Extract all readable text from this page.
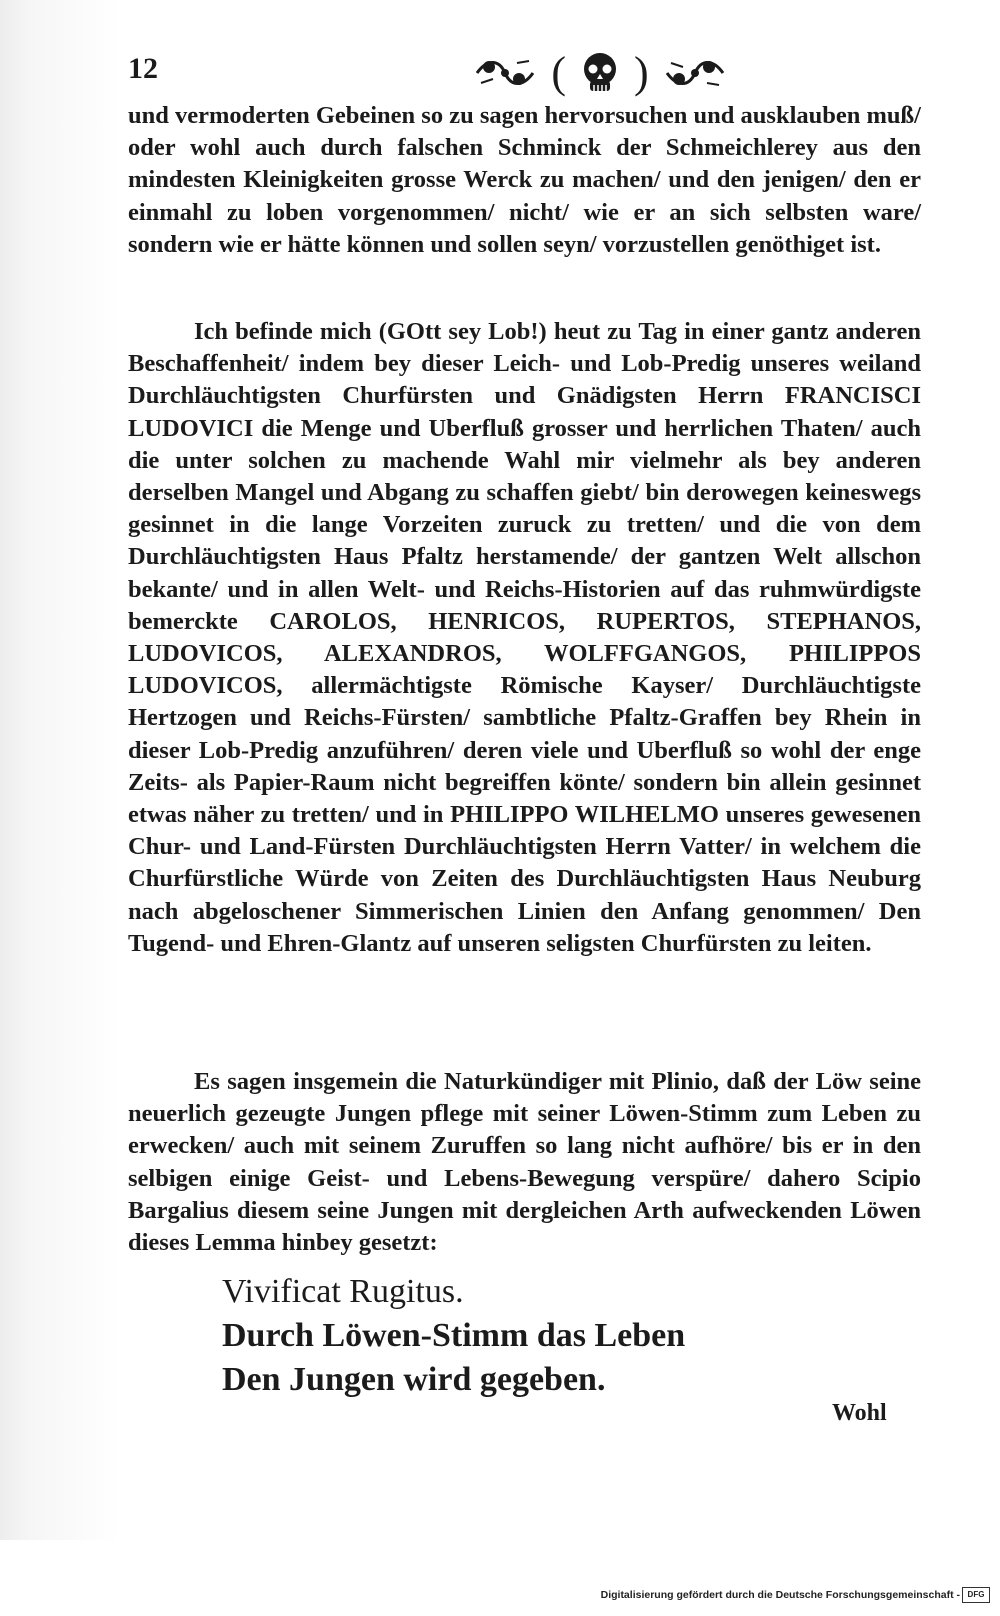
12	( )

und vermoderten Gebeinen so zu sagen hervorsuchen und ausklauben muß/ oder wohl auch durch falschen Schminck der Schmeichlerey aus den mindesten Kleinigkeiten grosse Werck zu machen/ und den jenigen/ den er einmahl zu loben vorgenommen/ nicht/ wie er an sich selbsten ware/ sondern wie er hätte können und sollen seyn/ vorzustellen genöthiget ist.

Ich befinde mich (GOtt sey Lob!) heut zu Tag in einer gantz anderen Beschaffenheit/ indem bey dieser Leich- und Lob-Predig unseres weiland Durchläuchtigsten Churfürsten und Gnädigsten Herrn FRANCISCI LUDOVICI die Menge und Uberfluß grosser und herrlichen Thaten/ auch die unter solchen zu machende Wahl mir vielmehr als bey anderen derselben Mangel und Abgang zu schaffen giebt/ bin derowegen keineswegs gesinnet in die lange Vorzeiten zuruck zu tretten/ und die von dem Durchläuchtigsten Haus Pfaltz herstamende/ der gantzen Welt allschon bekante/ und in allen Welt- und Reichs-Historien auf das ruhmwürdigste bemerckte CAROLOS, HENRICOS, RUPERTOS, STEPHANOS, LUDOVICOS, ALEXANDROS, WOLFFGANGOS, PHILIPPOS LUDOVICOS, allermächtigste Römische Kayser/ Durchläuchtigste Hertzogen und Reichs-Fürsten/ sambtliche Pfaltz-Graffen bey Rhein in dieser Lob-Predig anzuführen/ deren viele und Uberfluß so wohl der enge Zeits- als Papier-Raum nicht begreiffen könte/ sondern bin allein gesinnet etwas näher zu tretten/ und in PHILIPPO WILHELMO unseres gewesenen Chur- und Land-Fürsten Durchläuchtigsten Herrn Vatter/ in welchem die Churfürstliche Würde von Zeiten des Durchläuchtigsten Haus Neuburg nach abgeloschener Simmerischen Linien den Anfang genommen/ Den Tugend- und Ehren-Glantz auf unseren seligsten Churfürsten zu leiten.

Es sagen insgemein die Naturkündiger mit Plinio, daß der Löw seine neuerlich gezeugte Jungen pflege mit seiner Löwen-Stimm zum Leben zu erwecken/ auch mit seinem Zuruffen so lang nicht aufhöre/ bis er in den selbigen einige Geist- und Lebens-Bewegung verspüre/ dahero Scipio Bargalius diesem seine Jungen mit dergleichen Arth aufweckenden Löwen dieses Lemma hinbey gesetzt:

Vivificat Rugitus.
Durch Löwen-Stimm das Leben
Den Jungen wird gegeben.
Wohl
Digitalisierung gefördert durch die Deutsche Forschungsgemeinschaft - DFG
